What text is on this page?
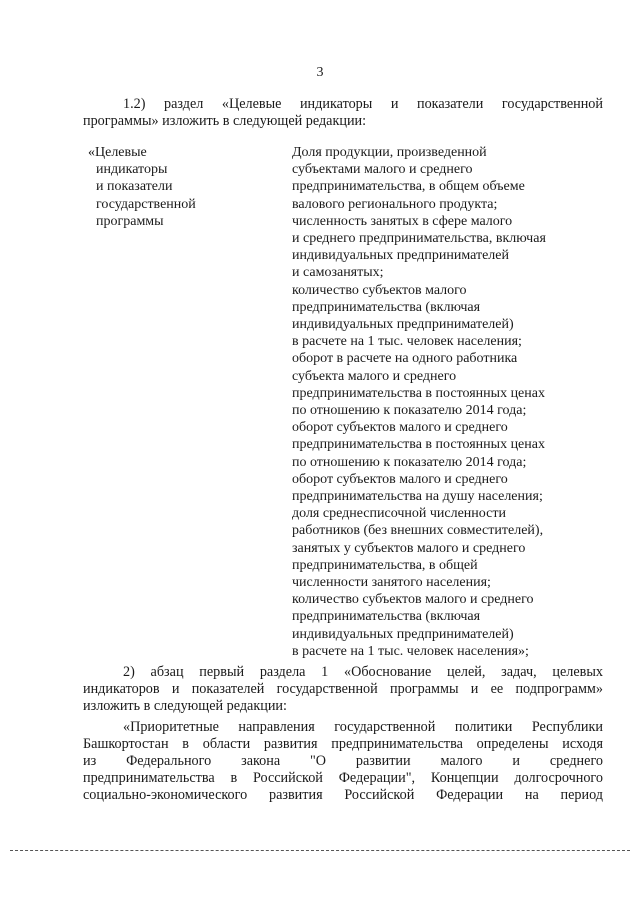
3
1.2) раздел «Целевые индикаторы и показатели государственной
программы» изложить в следующей редакции:
«Целевые
индикаторы
и показатели
государственной
программы
Доля продукции, произведенной
субъектами малого и среднего
предпринимательства, в общем объеме
валового регионального продукта;
численность занятых в сфере малого
и среднего предпринимательства, включая
индивидуальных предпринимателей
и самозанятых;
количество субъектов малого
предпринимательства (включая
индивидуальных предпринимателей)
в расчете на 1 тыс. человек населения;
оборот в расчете на одного работника
субъекта малого и среднего
предпринимательства в постоянных ценах
по отношению к показателю 2014 года;
оборот субъектов малого и среднего
предпринимательства в постоянных ценах
по отношению к показателю 2014 года;
оборот субъектов малого и среднего
предпринимательства на душу населения;
доля среднесписочной численности
работников (без внешних совместителей),
занятых у субъектов малого и среднего
предпринимательства, в общей
численности занятого населения;
количество субъектов малого и среднего
предпринимательства (включая
индивидуальных предпринимателей)
в расчете на 1 тыс. человек населения»;
2) абзац первый раздела 1 «Обоснование целей, задач, целевых
индикаторов и показателей государственной программы и ее подпрограмм»
изложить в следующей редакции:
«Приоритетные направления государственной политики Республики
Башкортостан в области развития предпринимательства определены исходя
из Федерального закона "О развитии малого и среднего
предпринимательства в Российской Федерации", Концепции долгосрочного
социально-экономического развития Российской Федерации на период
